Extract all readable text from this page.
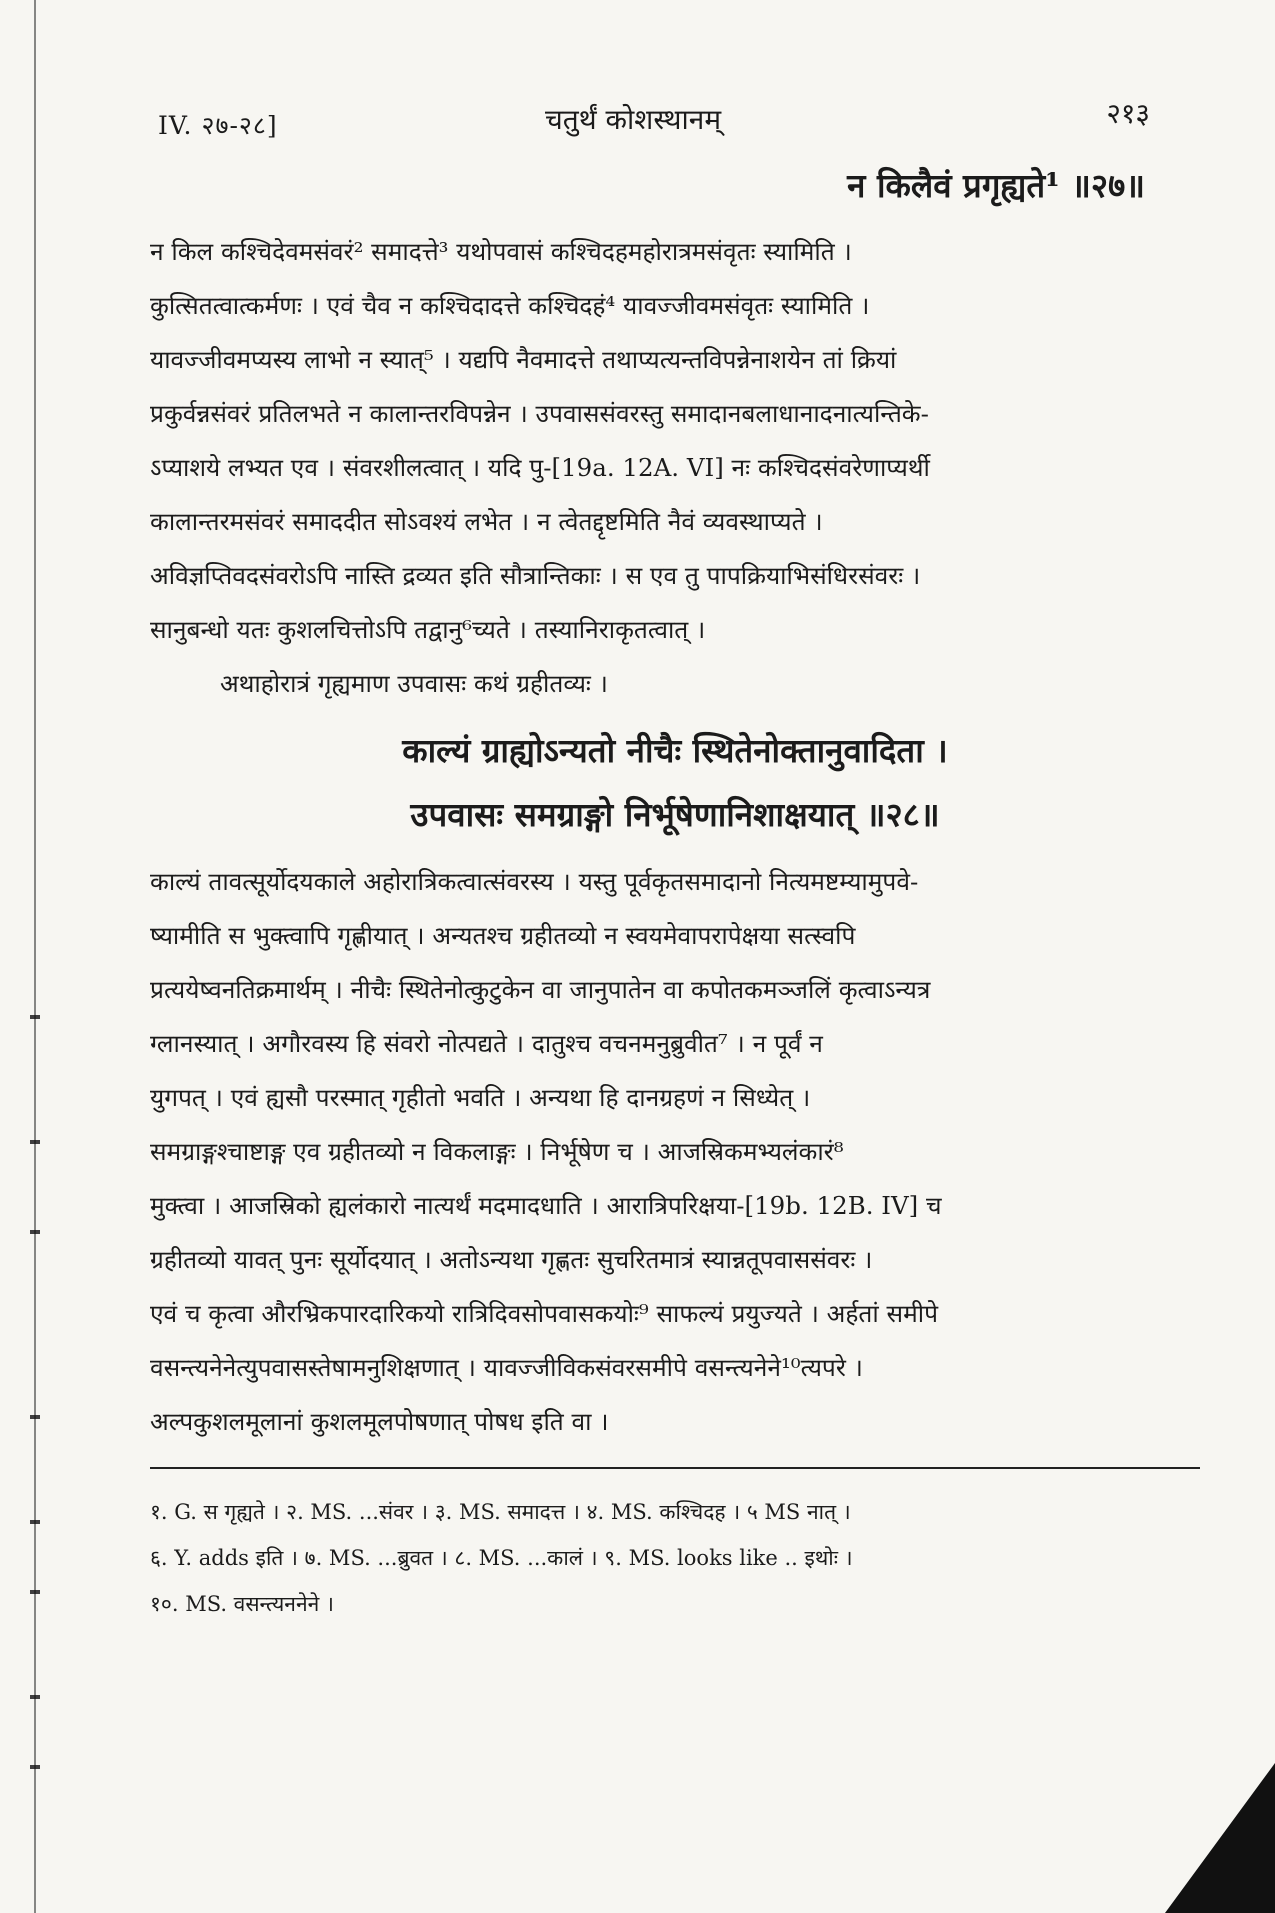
IV. २७-२८]	चतुर्थं कोशस्थानम्	२१३
न किलैवं प्रगृह्यते¹ ॥२७॥
न किल कश्चिदेवमसंवरं² समादत्ते³ यथोपवासं कश्चिदहमहोरात्रमसंवृतः स्यामिति ।
कुत्सितत्वात्कर्मणः । एवं चैव न कश्चिदादत्ते कश्चिदहं⁴ यावज्जीवमसंवृतः स्यामिति ।
यावज्जीवमप्यस्य लाभो न स्यात्⁵ । यद्यपि नैवमादत्ते तथाप्यत्यन्तविपन्नेनाशयेन तां क्रियां
प्रकुर्वन्नसंवरं प्रतिलभते न कालान्तरविपन्नेन । उपवाससंवरस्तु समादानबलाधानादनात्यन्तिके-
ऽप्याशये लभ्यत एव । संवरशीलत्वात् । यदि पु-[19a. 12A. VI] नः कश्चिदसंवरेणाप्यर्थी
कालान्तरमसंवरं समाददीत सोऽवश्यं लभेत । न त्वेतद्दृष्टमिति नैवं व्यवस्थाप्यते ।
अविज्ञप्तिवदसंवरोऽपि नास्ति द्रव्यत इति सौत्रान्तिकाः । स एव तु पापक्रियाभिसंधिरसंवरः ।
सानुबन्धो यतः कुशलचित्तोऽपि तद्वानु⁶च्यते । तस्यानिराकृतत्वात् ।
अथाहोरात्रं गृह्यमाण उपवासः कथं ग्रहीतव्यः ।
काल्यं ग्राह्योऽन्यतो नीचैः स्थितेनोक्तानुवादिता ।
उपवासः समग्राङ्गो निर्भूषेणानिशाक्षयात् ॥२८॥
काल्यं तावत्सूर्योदयकाले अहोरात्रिकत्वात्संवरस्य । यस्तु पूर्वकृतसमादानो नित्यमष्टम्यामुपवे-
ष्यामीति स भुक्त्वापि गृह्णीयात् । अन्यतश्च ग्रहीतव्यो न स्वयमेवापरापेक्षया सत्स्वपि
प्रत्ययेष्वनतिक्रमार्थम् । नीचैः स्थितेनोत्कुटुकेन वा जानुपातेन वा कपोतकमञ्जलिं कृत्वाऽन्यत्र
ग्लानस्यात् । अगौरवस्य हि संवरो नोत्पद्यते । दातुश्च वचनमनुब्रुवीत⁷ । न पूर्वं न
युगपत् । एवं ह्यसौ परस्मात् गृहीतो भवति । अन्यथा हि दानग्रहणं न सिध्येत् ।
समग्राङ्गश्चाष्टाङ्ग एव ग्रहीतव्यो न विकलाङ्गः । निर्भूषेण च । आजस्रिकमभ्यलंकारं⁸
मुक्त्वा । आजस्रिको ह्यलंकारो नात्यर्थं मदमादधाति । आरात्रिपरिक्षया-[19b. 12B. IV] च
ग्रहीतव्यो यावत् पुनः सूर्योदयात् । अतोऽन्यथा गृह्णतः सुचरितमात्रं स्यान्नतूपवाससंवरः ।
एवं च कृत्वा औरभ्रिकपारदारिकयो रात्रिदिवसोपवासकयोः⁹ साफल्यं प्रयुज्यते । अर्हतां समीपे
वसन्त्यनेनेत्युपवासस्तेषामनुशिक्षणात् । यावज्जीविकसंवरसमीपे वसन्त्यनेने¹⁰त्यपरे ।
अल्पकुशलमूलानां कुशलमूलपोषणात् पोषध इति वा ।
१. G. स गृह्यते । २. MS. ...संवर । ३. MS. समादत्त । ४. MS. कश्चिदह । ५ MS नात् ।
६. Y. adds इति । ७. MS. ...ब्रुवत । ८. MS. ...कालं । ९. MS. looks like .. इथोः ।
१०. MS. वसन्त्यननेने ।
